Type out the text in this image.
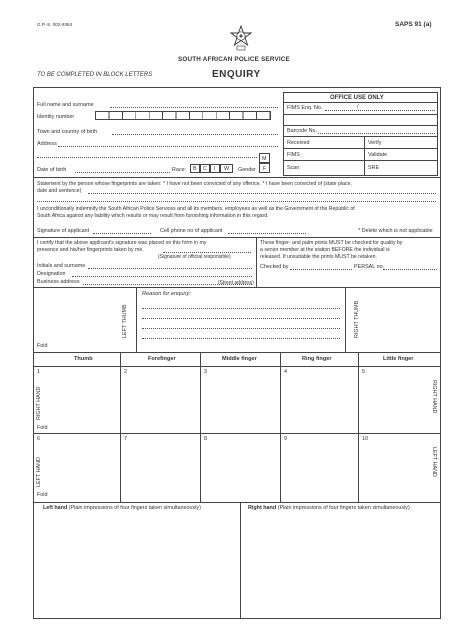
G.P.-S. 002-9364	SAPS 91 (a)
SOUTH AFRICAN POLICE SERVICE
TO BE COMPLETED IN BLOCK LETTERS	ENQUIRY
Full name and surname
Identity number
Town and country of birth
Address
Date of birth	Race: B C I W Gender
M
F
OFFICE USE ONLY
FIMS Enq. No.	/
Barcode No.
Received	Verify
FIMS	Validate
Scan	SRE
Statement by the person whose fingerprints are taken: * I have not been convicted of any offence. * I have been convicted of (state place,
date and sentence)
I unconditionally indemnify the South African Police Services and all its members, employees as well as the Government of the Republic of
South Africa against any liability which results or may result from furnishing information in this regard.
Signature of applicant	Cell phone no of applicant	* Delete which is not applicable
I certify that the above applicant's signature was placed on this form in my
presence and his/her fingerprints taken by me.
(Signature of official responsible)
Initials and surname
Designation
Business address	(Street address)
These finger- and palm prints MUST be checked for quality by
a senior member at the station BEFORE the individual is
released. If unsuitable the prints MUST be retaken.
Checked by	PERSAL no.
Reason for enquiry:
LEFT THUMB	RIGHT THUMB
Fold
Thumb	Forefinger	Middle finger	Ring finger	Little finger
1	2	3	4	5
RIGHT HAND	RIGHT HAND
Fold
6	7	8	9	10
LEFT HAND	LEFT HAND
Fold
Left hand (Plain impressions of four fingers taken simultaneously)	Right hand (Plain impressions of four fingers taken simultaneously)
